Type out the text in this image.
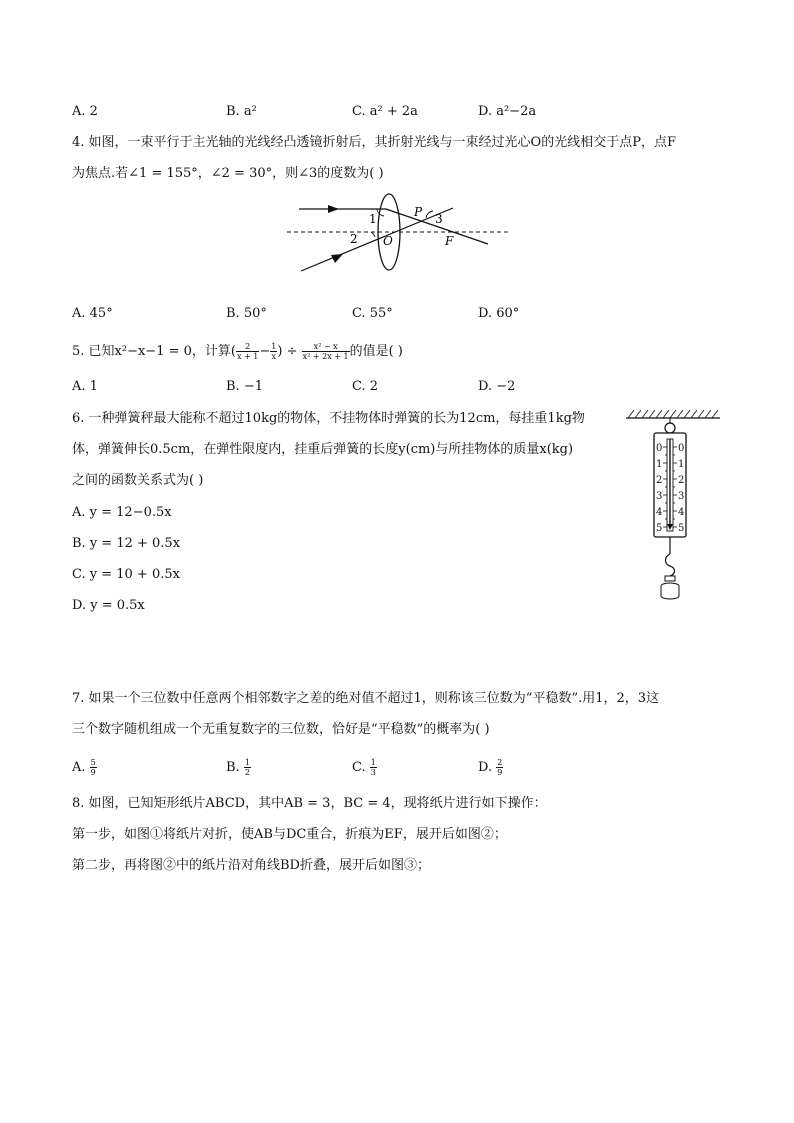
A. 2	B. a²	C. a² + 2a	D. a²−2a
4. 如图，一束平行于主光轴的光线经凸透镜折射后，其折射光线与一束经过光心O的光线相交于点P，点F
为焦点.若∠1 = 155°，∠2 = 30°，则∠3的度数为( )
1
2
3
P
O	F
A. 45°	B. 50°	C. 55°	D. 60°
5. 已知x²−x−1 = 0，计算( $\frac{2}{x + 1} - \frac{1}{x}$ ) ÷ $\frac{\text{x² − x}}{\text{x² + 2x + 1}}$ 的值是( )
A. 1	B. −1	C. 2	D. −2
6. 一种弹簧秤最大能称不超过10kg的物体，不挂物体时弹簧的长为12cm，每挂重1kg物
体，弹簧伸长0.5cm，在弹性限度内，挂重后弹簧的长度y(cm)与所挂物体的质量x(kg)
之间的函数关系式为( )
A. y = 12−0.5x
B. y = 12 + 0.5x
C. y = 10 + 0.5x
D. y = 0.5x
0
1
2
3
4
5
0
1
2
3
4
5
7. 如果一个三位数中任意两个相邻数字之差的绝对值不超过1，则称该三位数为“平稳数”.用1，2，3这
三个数字随机组成一个无重复数字的三位数，恰好是“平稳数”的概率为( )
A. $\frac{5}{9}$	B. $\frac{1}{2}$	C. $\frac{1}{3}$	D. $\frac{2}{9}$
8. 如图，已知矩形纸片ABCD，其中AB = 3，BC = 4，现将纸片进行如下操作：
第一步，如图①将纸片对折，使AB与DC重合，折痕为EF，展开后如图②；
第二步，再将图②中的纸片沿对角线BD折叠，展开后如图③；
